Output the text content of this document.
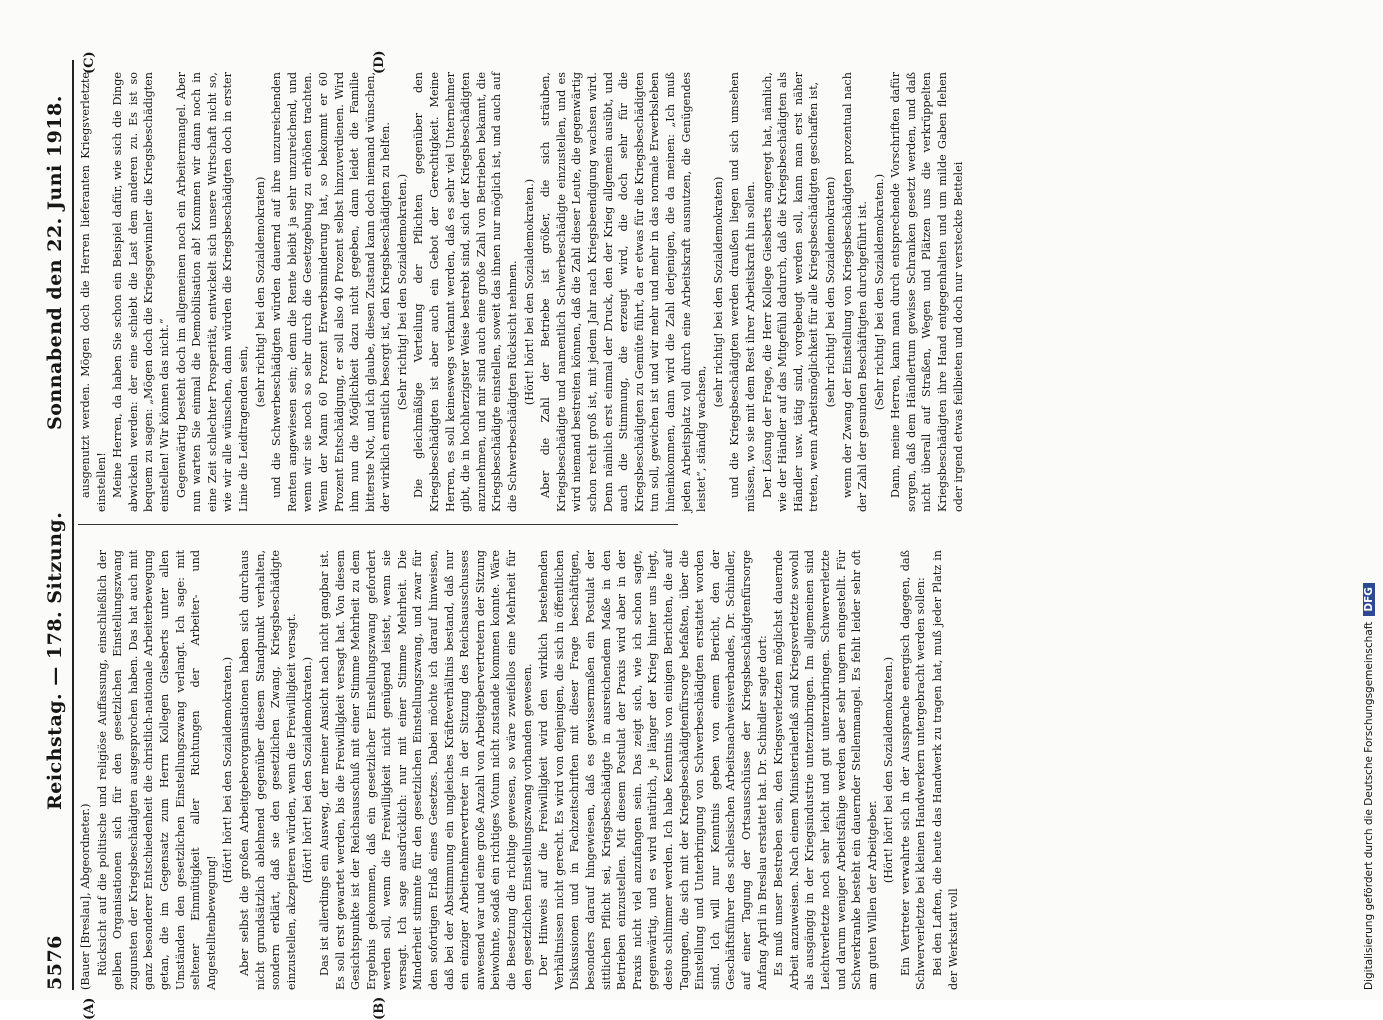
5576
Reichstag. — 178. Sitzung.
Sonnabend den 22. Juni 1918.
(A)	(B)
(C)	(D)

(Bauer [Breslau], Abgeordneter.) Rücksicht auf die politische und religiöse Auffassung, einschließlich der gelben Organisationen sich für den gesetzlichen Einstellungszwang zugunsten der Kriegsbeschädigten ausgesprochen haben. Das hat auch mit ganz besonderer Entschiedenheit die christlich-nationale Arbeiterbewegung getan, die im Gegensatz zum Herrn Kollegen Giesberts unter allen Umständen den gesetzlichen Einstellungszwang verlangt. Ich sage: mit seltener Einmütigkeit aller Richtungen der Arbeiter- und Angestelltenbewegung!

(Hört! hört! bei den Sozialdemokraten.) Aber selbst die großen Arbeitgeberorganisationen haben sich durchaus nicht grundsätzlich ablehnend gegenüber diesem Standpunkt verhalten, sondern erklärt, daß sie den gesetzlichen Zwang, Kriegsbeschädigte einzustellen, akzeptieren würden, wenn die Freiwilligkeit versagt. (Hört! hört! bei den Sozialdemokraten.) Das ist allerdings ein Ausweg, der meiner Ansicht nach nicht gangbar ist. Es soll erst gewartet werden, bis die Freiwilligkeit versagt hat. Von diesem Gesichtspunkte ist der Reichsausschuß mit einer Stimme Mehrheit zu dem Ergebnis gekommen, daß ein gesetzlicher Einstellungszwang gefordert werden soll, wenn die Freiwilligkeit nicht genügend leistet, wenn sie versagt. Ich sage ausdrücklich: nur mit einer Stimme Mehrheit. Die Minderheit stimmte für den gesetzlichen Einstellungszwang, und zwar für den sofortigen Erlaß eines Gesetzes. Dabei möchte ich darauf hinweisen, daß bei der Abstimmung ein ungleiches Kräfteverhältnis bestand, daß nur ein einziger Arbeitnehmervertreter in der Sitzung des Reichsausschusses anwesend war und eine große Anzahl von Arbeitgebervertretern der Sitzung beiwohnte, sodaß ein richtiges Votum nicht zustande kommen konnte. Wäre die Besetzung die richtige gewesen, so wäre zweifellos eine Mehrheit für den gesetzlichen Einstellungszwang vorhanden gewesen. Der Hinweis auf die Freiwilligkeit wird den wirklich bestehenden Verhältnissen nicht gerecht. Es wird von denjenigen, die sich in öffentlichen Diskussionen und in Fachzeitschriften mit dieser Frage beschäftigen, besonders darauf hingewiesen, daß es gewissermaßen ein Postulat der sittlichen Pflicht sei, Kriegsbeschädigte in ausreichendem Maße in den Betrieben einzustellen. Mit diesem Postulat der Praxis wird aber in der Praxis nicht viel anzufangen sein. Das zeigt sich, wie ich schon sagte, gegenwärtig, und es wird natürlich, je länger der Krieg hinter uns liegt, desto schlimmer werden. Ich habe Kenntnis von einigen Berichten, die auf Tagungen, die sich mit der Kriegsbeschädigtenfürsorge befaßten, über die Einstellung und Unterbringung von Schwerbeschädigten erstattet worden sind. Ich will nur Kenntnis geben von einem Bericht, den der Geschäftsführer des schlesischen Arbeitsnachweisverbandes, Dr. Schindler, auf einer Tagung der Ortsausschüsse der Kriegsbeschädigtenfürsorge Anfang April in Breslau erstattet hat. Dr. Schindler sagte dort: Es muß unser Bestreben sein, den Kriegsverletzten möglichst dauernde Arbeit anzuweisen. Nach einem Ministerialerlaß sind Kriegsverletzte sowohl als ausgängig in der Kriegsindustrie unterzubringen. Im allgemeinen sind Leichtverletzte noch sehr leicht und gut unterzubringen. Schwerverletzte und darum weniger Arbeitsfähige werden aber sehr ungern eingestellt. Für Schwerkranke besteht ein dauernder Stellenmangel. Es fehlt leider sehr oft am guten Willen der Arbeitgeber.

(Hört! hört! bei den Sozialdemokraten.) Ein Vertreter verwahrte sich in der Aussprache energisch dagegen, daß Schwerverletzte bei kleinen Handwerkern untergebracht werden sollen: Bei den Laften, die heute das Handwerk zu tragen hat, muß jeder Platz in der Werkstatt voll

ausgenutzt werden. Mögen doch die Herren lieferanten Kriegsverletzte einstellen! Meine Herren, da haben Sie schon ein Beispiel dafür, wie sich die Dinge abwickeln werden: der eine schiebt die Last dem anderen zu. Es ist so bequem zu sagen: „Mögen doch die Kriegsgewinnler die Kriegsbeschädigten einstellen! Wir können das nicht.“ Gegenwärtig besteht doch im allgemeinen noch ein Arbeitermangel. Aber nun warten Sie einmal die Demobilisation ab! Kommen wir dann noch in eine Zeit schlechter Prosperität, entwickelt sich unsere Wirtschaft nicht so, wie wir alle wünschen, dann würden die Kriegsbeschädigten doch in erster Linie die Leidtragenden sein,

(sehr richtig! bei den Sozialdemokraten) und die Schwerbeschädigten würden dauernd auf ihre unzureichenden Renten angewiesen sein; denn die Rente bleibt ja sehr unzureichend, und wenn wir sie noch so sehr durch die Gesetzgebung zu erhöhen trachten. Wenn der Mann 60 Prozent Erwerbsminderung hat, so bekommt er 60 Prozent Entschädigung, er soll also 40 Prozent selbst hinzuverdienen. Wird ihm nun die Möglichkeit dazu nicht gegeben, dann leidet die Familie bitterste Not, und ich glaube, diesen Zustand kann doch niemand wünschen, der wirklich ernstlich besorgt ist, den Kriegsbeschädigten zu helfen. (Sehr richtig! bei den Sozialdemokraten.) Die gleichmäßige Verteilung der Pflichten gegenüber den Kriegsbeschädigten ist aber auch ein Gebot der Gerechtigkeit. Meine Herren, es soll keineswegs verkannt werden, daß es sehr viel Unternehmer gibt, die in hochherzigster Weise bestrebt sind, sich der Kriegsbeschädigten anzunehmen, und mir sind auch eine große Zahl von Betrieben bekannt, die Kriegsbeschädigte einstellen, soweit das ihnen nur möglich ist, und auch auf die Schwerbeschädigten Rücksicht nehmen. (Hört! hört! bei den Sozialdemokraten.) Aber die Zahl der Betriebe ist größer, die sich sträuben, Kriegsbeschädigte und namentlich Schwerbeschädigte einzustellen, und es wird niemand bestreiten können, daß die Zahl dieser Leute, die gegenwärtig schon recht groß ist, mit jedem Jahr nach Kriegsbeendigung wachsen wird. Denn nämlich erst einmal der Druck, den der Krieg allgemein ausübt, und auch die Stimmung, die erzeugt wird, die doch sehr für die Kriegsbeschädigten zu Gemüte führt, da er etwas für die Kriegsbeschädigten tun soll, gewichen ist und wir mehr und mehr in das normale Erwerbsleben hineinkommen, dann wird die Zahl derjenigen, die da meinen: „Ich muß jeden Arbeitsplatz voll durch eine Arbeitskraft ausnutzen, die Genügendes leistet“, ständig wachsen,

(sehr richtig! bei den Sozialdemokraten) und die Kriegsbeschädigten werden draußen liegen und sich umsehen müssen, wo sie mit dem Rest ihrer Arbeitskraft hin sollen. Der Lösung der Frage, die Herr Kollege Giesberts angeregt hat, nämlich, wie der Händler auf das Mitgefühl dadurch, daß die Kriegsbeschädigten als Händler usw. tätig sind, vorgebeugt werden soll, kann man erst näher treten, wenn Arbeitsmöglichkeit für alle Kriegsbeschädigten geschaffen ist, (sehr richtig! bei den Sozialdemokraten) wenn der Zwang der Einstellung von Kriegsbeschädigten prozentual nach der Zahl der gesunden Beschäftigten durchgeführt ist. (Sehr richtig! bei den Sozialdemokraten.) Dann, meine Herren, kann man durch entsprechende Vorschriften dafür sorgen, daß dem Händlertum gewisse Schranken gesetzt werden, und daß nicht überall auf Straßen, Wegen und Plätzen uns die verkrüppelten Kriegsbeschädigten ihre Hand entgegenhalten und um milde Gaben flehen oder irgend etwas feilbieten und doch nur versteckte Bettelei

Digitalisierung gefördert durch die Deutsche ForschungsgemeinschaftDFG
